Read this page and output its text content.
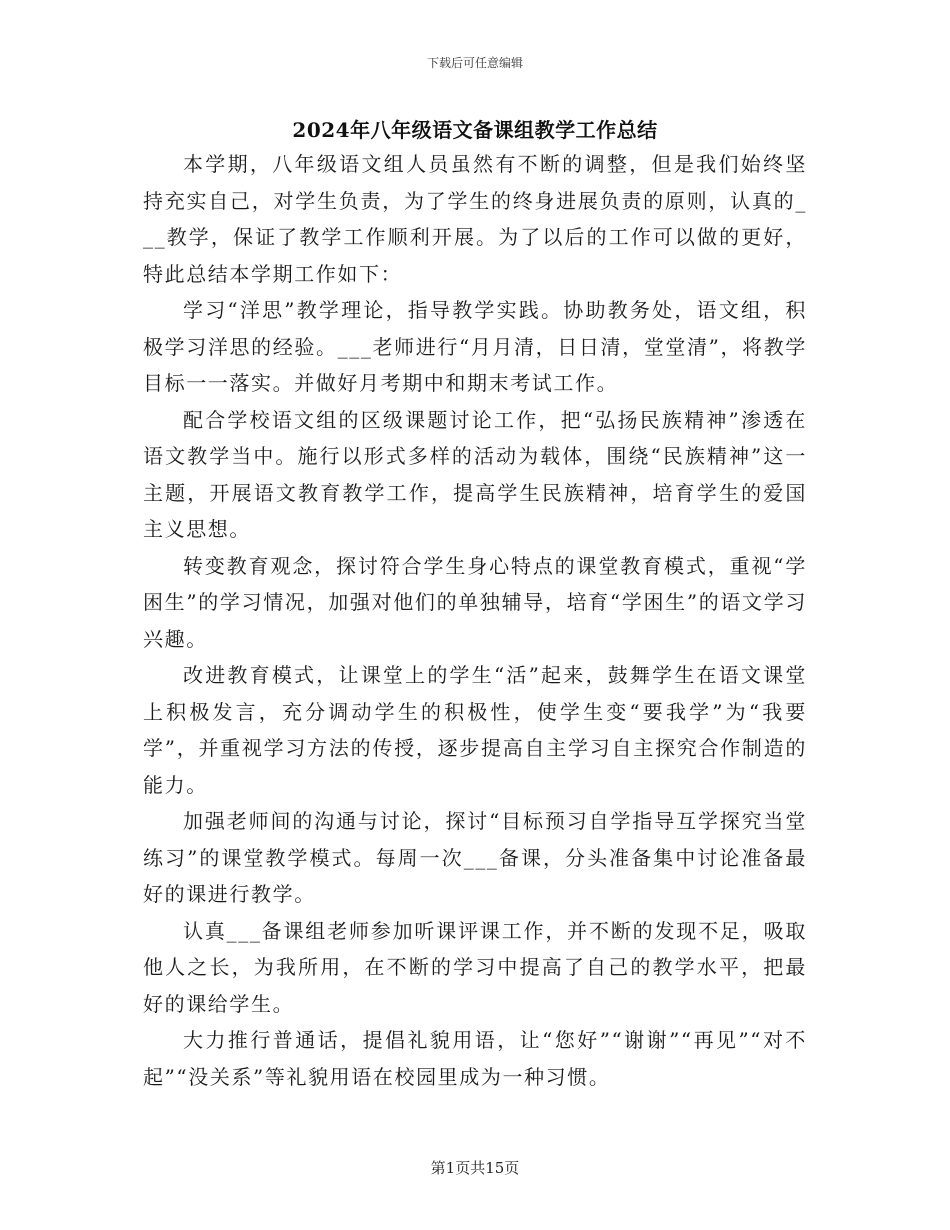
下载后可任意编辑
2024年八年级语文备课组教学工作总结

本学期，八年级语文组人员虽然有不断的调整，但是我们始终坚持充实自己，对学生负责，为了学生的终身进展负责的原则，认真的___教学，保证了教学工作顺利开展。为了以后的工作可以做的更好，特此总结本学期工作如下：

学习“洋思”教学理论，指导教学实践。协助教务处，语文组，积极学习洋思的经验。___老师进行“月月清，日日清，堂堂清”，将教学目标一一落实。并做好月考期中和期末考试工作。

配合学校语文组的区级课题讨论工作，把“弘扬民族精神”渗透在语文教学当中。施行以形式多样的活动为载体，围绕“民族精神”这一主题，开展语文教育教学工作，提高学生民族精神，培育学生的爱国主义思想。

转变教育观念，探讨符合学生身心特点的课堂教育模式，重视“学困生”的学习情况，加强对他们的单独辅导，培育“学困生”的语文学习兴趣。

改进教育模式，让课堂上的学生“活”起来，鼓舞学生在语文课堂上积极发言，充分调动学生的积极性，使学生变“要我学”为“我要学”，并重视学习方法的传授，逐步提高自主学习自主探究合作制造的能力。

加强老师间的沟通与讨论，探讨“目标预习自学指导互学探究当堂练习”的课堂教学模式。每周一次___备课，分头准备集中讨论准备最好的课进行教学。

认真___备课组老师参加听课评课工作，并不断的发现不足，吸取他人之长，为我所用，在不断的学习中提高了自己的教学水平，把最好的课给学生。

大力推行普通话，提倡礼貌用语，让“您好”“谢谢”“再见”“对不起”“没关系”等礼貌用语在校园里成为一种习惯。

第1页共15页
